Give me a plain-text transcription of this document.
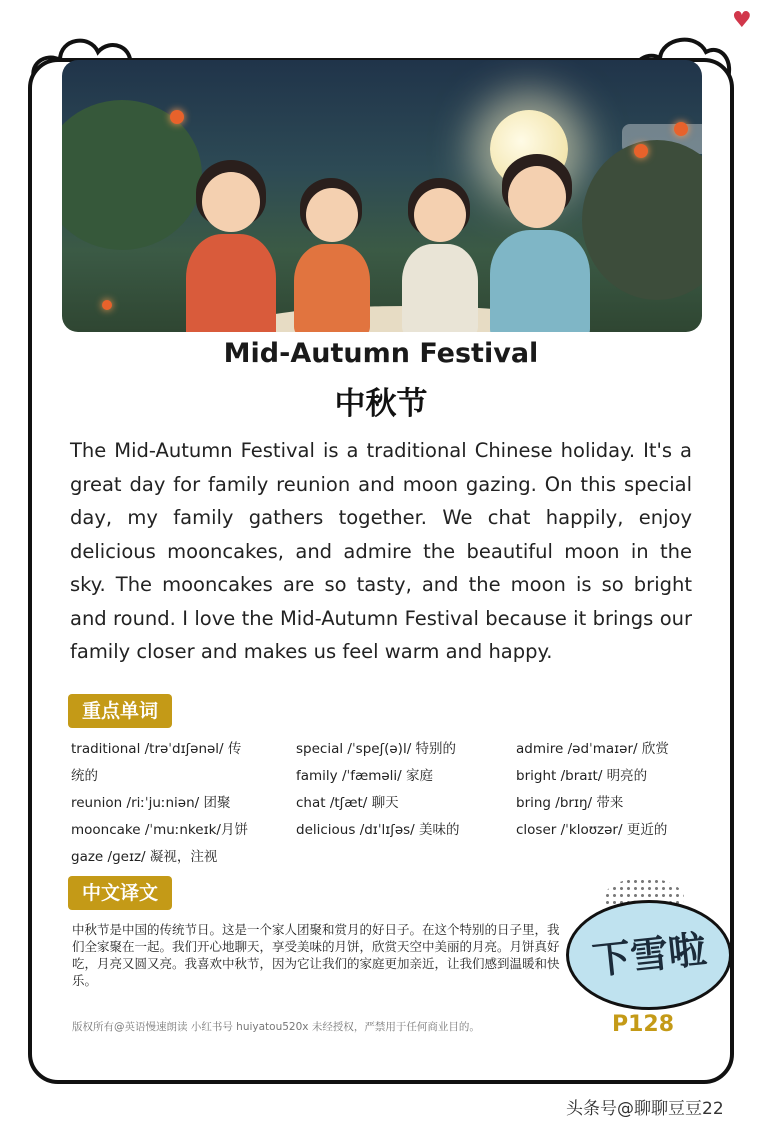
♥
Mid-Autumn Festival
中秋节
The Mid-Autumn Festival is a traditional Chinese holiday. It's a great day for family reunion and moon gazing. On this special day, my family gathers together. We chat happily, enjoy delicious mooncakes, and admire the beautiful moon in the sky. The mooncakes are so tasty, and the moon is so bright and round. I love the Mid-Autumn Festival because it brings our family closer and makes us feel warm and happy.
重点单词
traditional /trəˈdɪʃənəl/ 传
统的
reunion /riːˈjuːniən/ 团聚
mooncake /ˈmuːnkeɪk/月饼
gaze /ɡeɪz/ 凝视，注视
special /ˈspeʃ(ə)l/ 特别的
family /ˈfæməli/ 家庭
chat /tʃæt/ 聊天
delicious /dɪˈlɪʃəs/ 美味的
admire /ədˈmaɪər/ 欣赏
bright /braɪt/ 明亮的
bring /brɪŋ/ 带来
closer /ˈkloʊzər/ 更近的
中文译文
中秋节是中国的传统节日。这是一个家人团聚和赏月的好日子。在这个特别的日子里，我们全家聚在一起。我们开心地聊天，享受美味的月饼，欣赏天空中美丽的月亮。月饼真好吃，月亮又圆又亮。我喜欢中秋节，因为它让我们的家庭更加亲近，让我们感到温暖和快乐。
版权所有@英语慢速朗读 小红书号 huiyatou520x 未经授权，严禁用于任何商业目的。
下雪啦
P128
头条号@聊聊豆豆22
